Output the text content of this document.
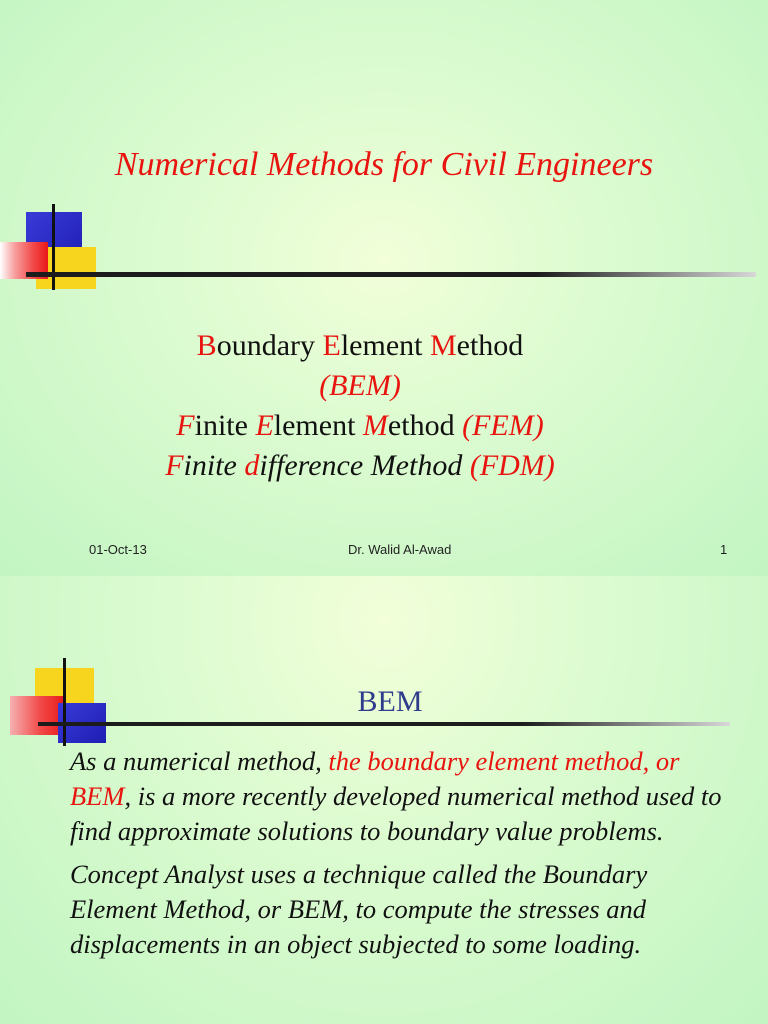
Numerical Methods for Civil Engineers
Boundary Element Method
(BEM)
Finite Element Method (FEM)
Finite difference Method (FDM)
01-Oct-13	Dr. Walid Al-Awad	1
BEM

As a numerical method, the boundary element method, or BEM, is a more recently developed numerical method used to find approximate solutions to boundary value problems.

Concept Analyst uses a technique called the Boundary Element Method, or BEM, to compute the stresses and displacements in an object subjected to some loading.
